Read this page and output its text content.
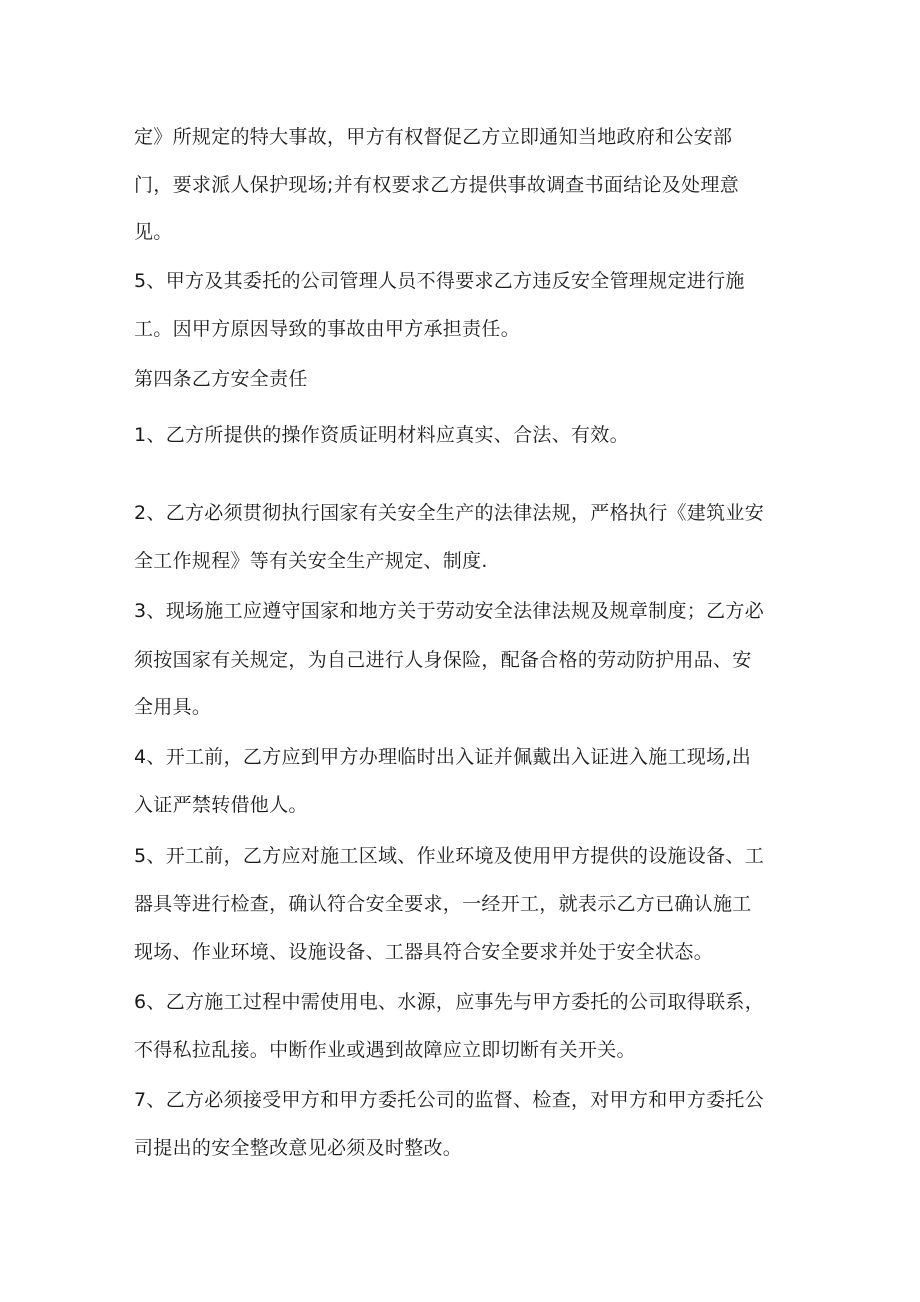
定》所规定的特大事故，甲方有权督促乙方立即通知当地政府和公安部
门，要求派人保护现场;并有权要求乙方提供事故调查书面结论及处理意
见。
5、甲方及其委托的公司管理人员不得要求乙方违反安全管理规定进行施
工。因甲方原因导致的事故由甲方承担责任。
第四条乙方安全责任
1、乙方所提供的操作资质证明材料应真实、合法、有效。
2、乙方必须贯彻执行国家有关安全生产的法律法规，严格执行《建筑业安
全工作规程》等有关安全生产规定、制度.
3、现场施工应遵守国家和地方关于劳动安全法律法规及规章制度；乙方必
须按国家有关规定，为自己进行人身保险，配备合格的劳动防护用品、安
全用具。
4、开工前，乙方应到甲方办理临时出入证并佩戴出入证进入施工现场,出
入证严禁转借他人。
5、开工前，乙方应对施工区域、作业环境及使用甲方提供的设施设备、工
器具等进行检查，确认符合安全要求，一经开工，就表示乙方已确认施工
现场、作业环境、设施设备、工器具符合安全要求并处于安全状态。
6、乙方施工过程中需使用电、水源，应事先与甲方委托的公司取得联系，
不得私拉乱接。中断作业或遇到故障应立即切断有关开关。
7、乙方必须接受甲方和甲方委托公司的监督、检查，对甲方和甲方委托公
司提出的安全整改意见必须及时整改。
